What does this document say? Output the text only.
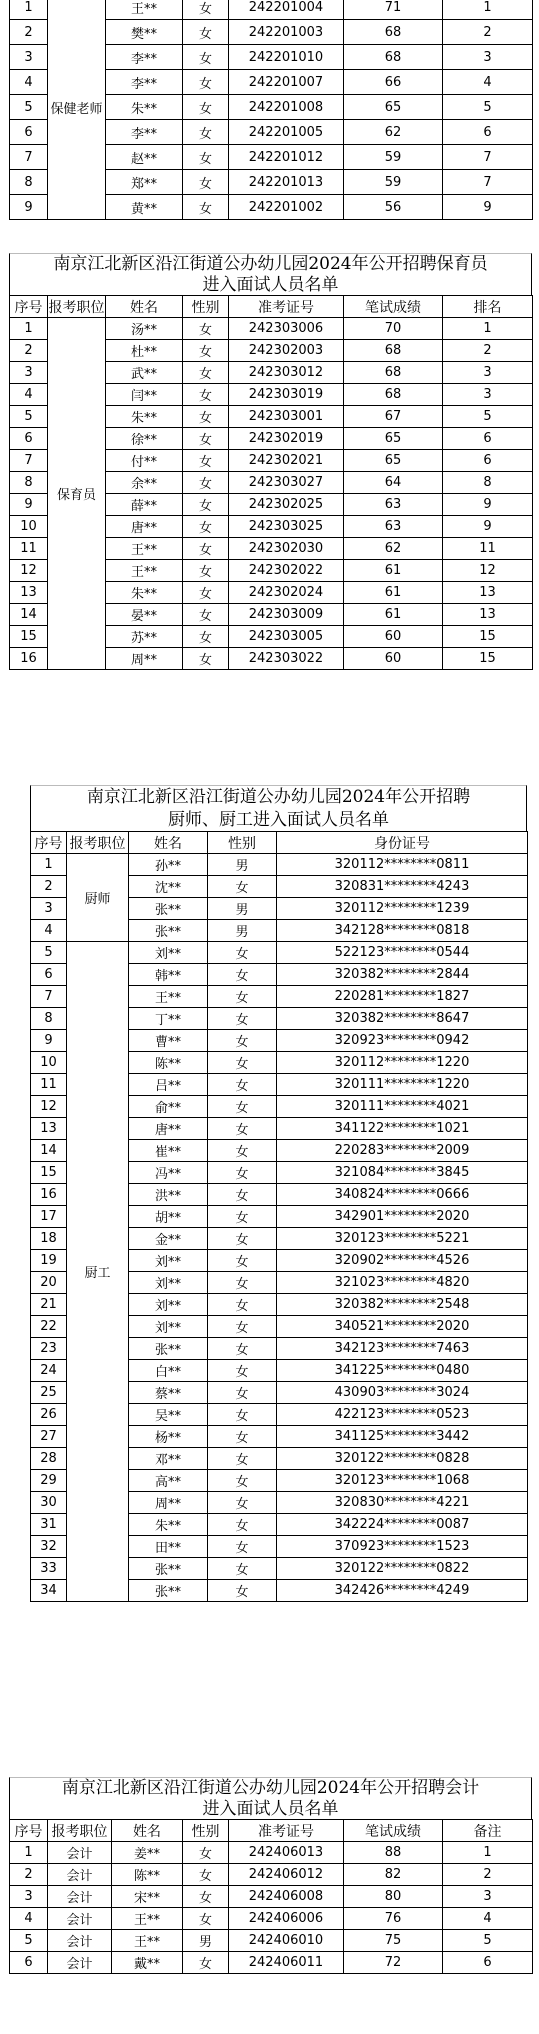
1	保健老师	王**	女	242201004	71	1
2		樊**	女	242201003	68	2
3		李**	女	242201010	68	3
4		李**	女	242201007	66	4
5		朱**	女	242201008	65	5
6		李**	女	242201005	62	6
7		赵**	女	242201012	59	7
8		郑**	女	242201013	59	7
9		黄**	女	242201002	56	9
南京江北新区沿江街道公办幼儿园2024年公开招聘保育员
进入面试人员名单
序号	报考职位	姓名	性别	准考证号	笔试成绩	排名
1	保育员	汤**	女	242303006	70	1
2		杜**	女	242302003	68	2
3		武**	女	242303012	68	3
4		闫**	女	242303019	68	3
5		朱**	女	242303001	67	5
6		徐**	女	242302019	65	6
7		付**	女	242302021	65	6
8		余**	女	242303027	64	8
9		薛**	女	242302025	63	9
10		唐**	女	242303025	63	9
11		王**	女	242302030	62	11
12		王**	女	242302022	61	12
13		朱**	女	242302024	61	13
14		晏**	女	242303009	61	13
15		苏**	女	242303005	60	15
16		周**	女	242303022	60	15
南京江北新区沿江街道公办幼儿园2024年公开招聘
厨师、厨工进入面试人员名单
序号	报考职位	姓名	性别	身份证号
1	厨师	孙**	男	320112********0811
2		沈**	女	320831********4243
3		张**	男	320112********1239
4		张**	男	342128********0818
5	厨工	刘**	女	522123********0544
6		韩**	女	320382********2844
7		王**	女	220281********1827
8		丁**	女	320382********8647
9		曹**	女	320923********0942
10		陈**	女	320112********1220
11		吕**	女	320111********1220
12		俞**	女	320111********4021
13		唐**	女	341122********1021
14		崔**	女	220283********2009
15		冯**	女	321084********3845
16		洪**	女	340824********0666
17		胡**	女	342901********2020
18		金**	女	320123********5221
19		刘**	女	320902********4526
20		刘**	女	321023********4820
21		刘**	女	320382********2548
22		刘**	女	340521********2020
23		张**	女	342123********7463
24		白**	女	341225********0480
25		蔡**	女	430903********3024
26		吴**	女	422123********0523
27		杨**	女	341125********3442
28		邓**	女	320122********0828
29		高**	女	320123********1068
30		周**	女	320830********4221
31		朱**	女	342224********0087
32		田**	女	370923********1523
33		张**	女	320122********0822
34		张**	女	342426********4249
南京江北新区沿江街道公办幼儿园2024年公开招聘会计
进入面试人员名单
序号	报考职位	姓名	性别	准考证号	笔试成绩	备注
1	会计	姜**	女	242406013	88	1
2	会计	陈**	女	242406012	82	2
3	会计	宋**	女	242406008	80	3
4	会计	王**	女	242406006	76	4
5	会计	王**	男	242406010	75	5
6	会计	戴**	女	242406011	72	6
